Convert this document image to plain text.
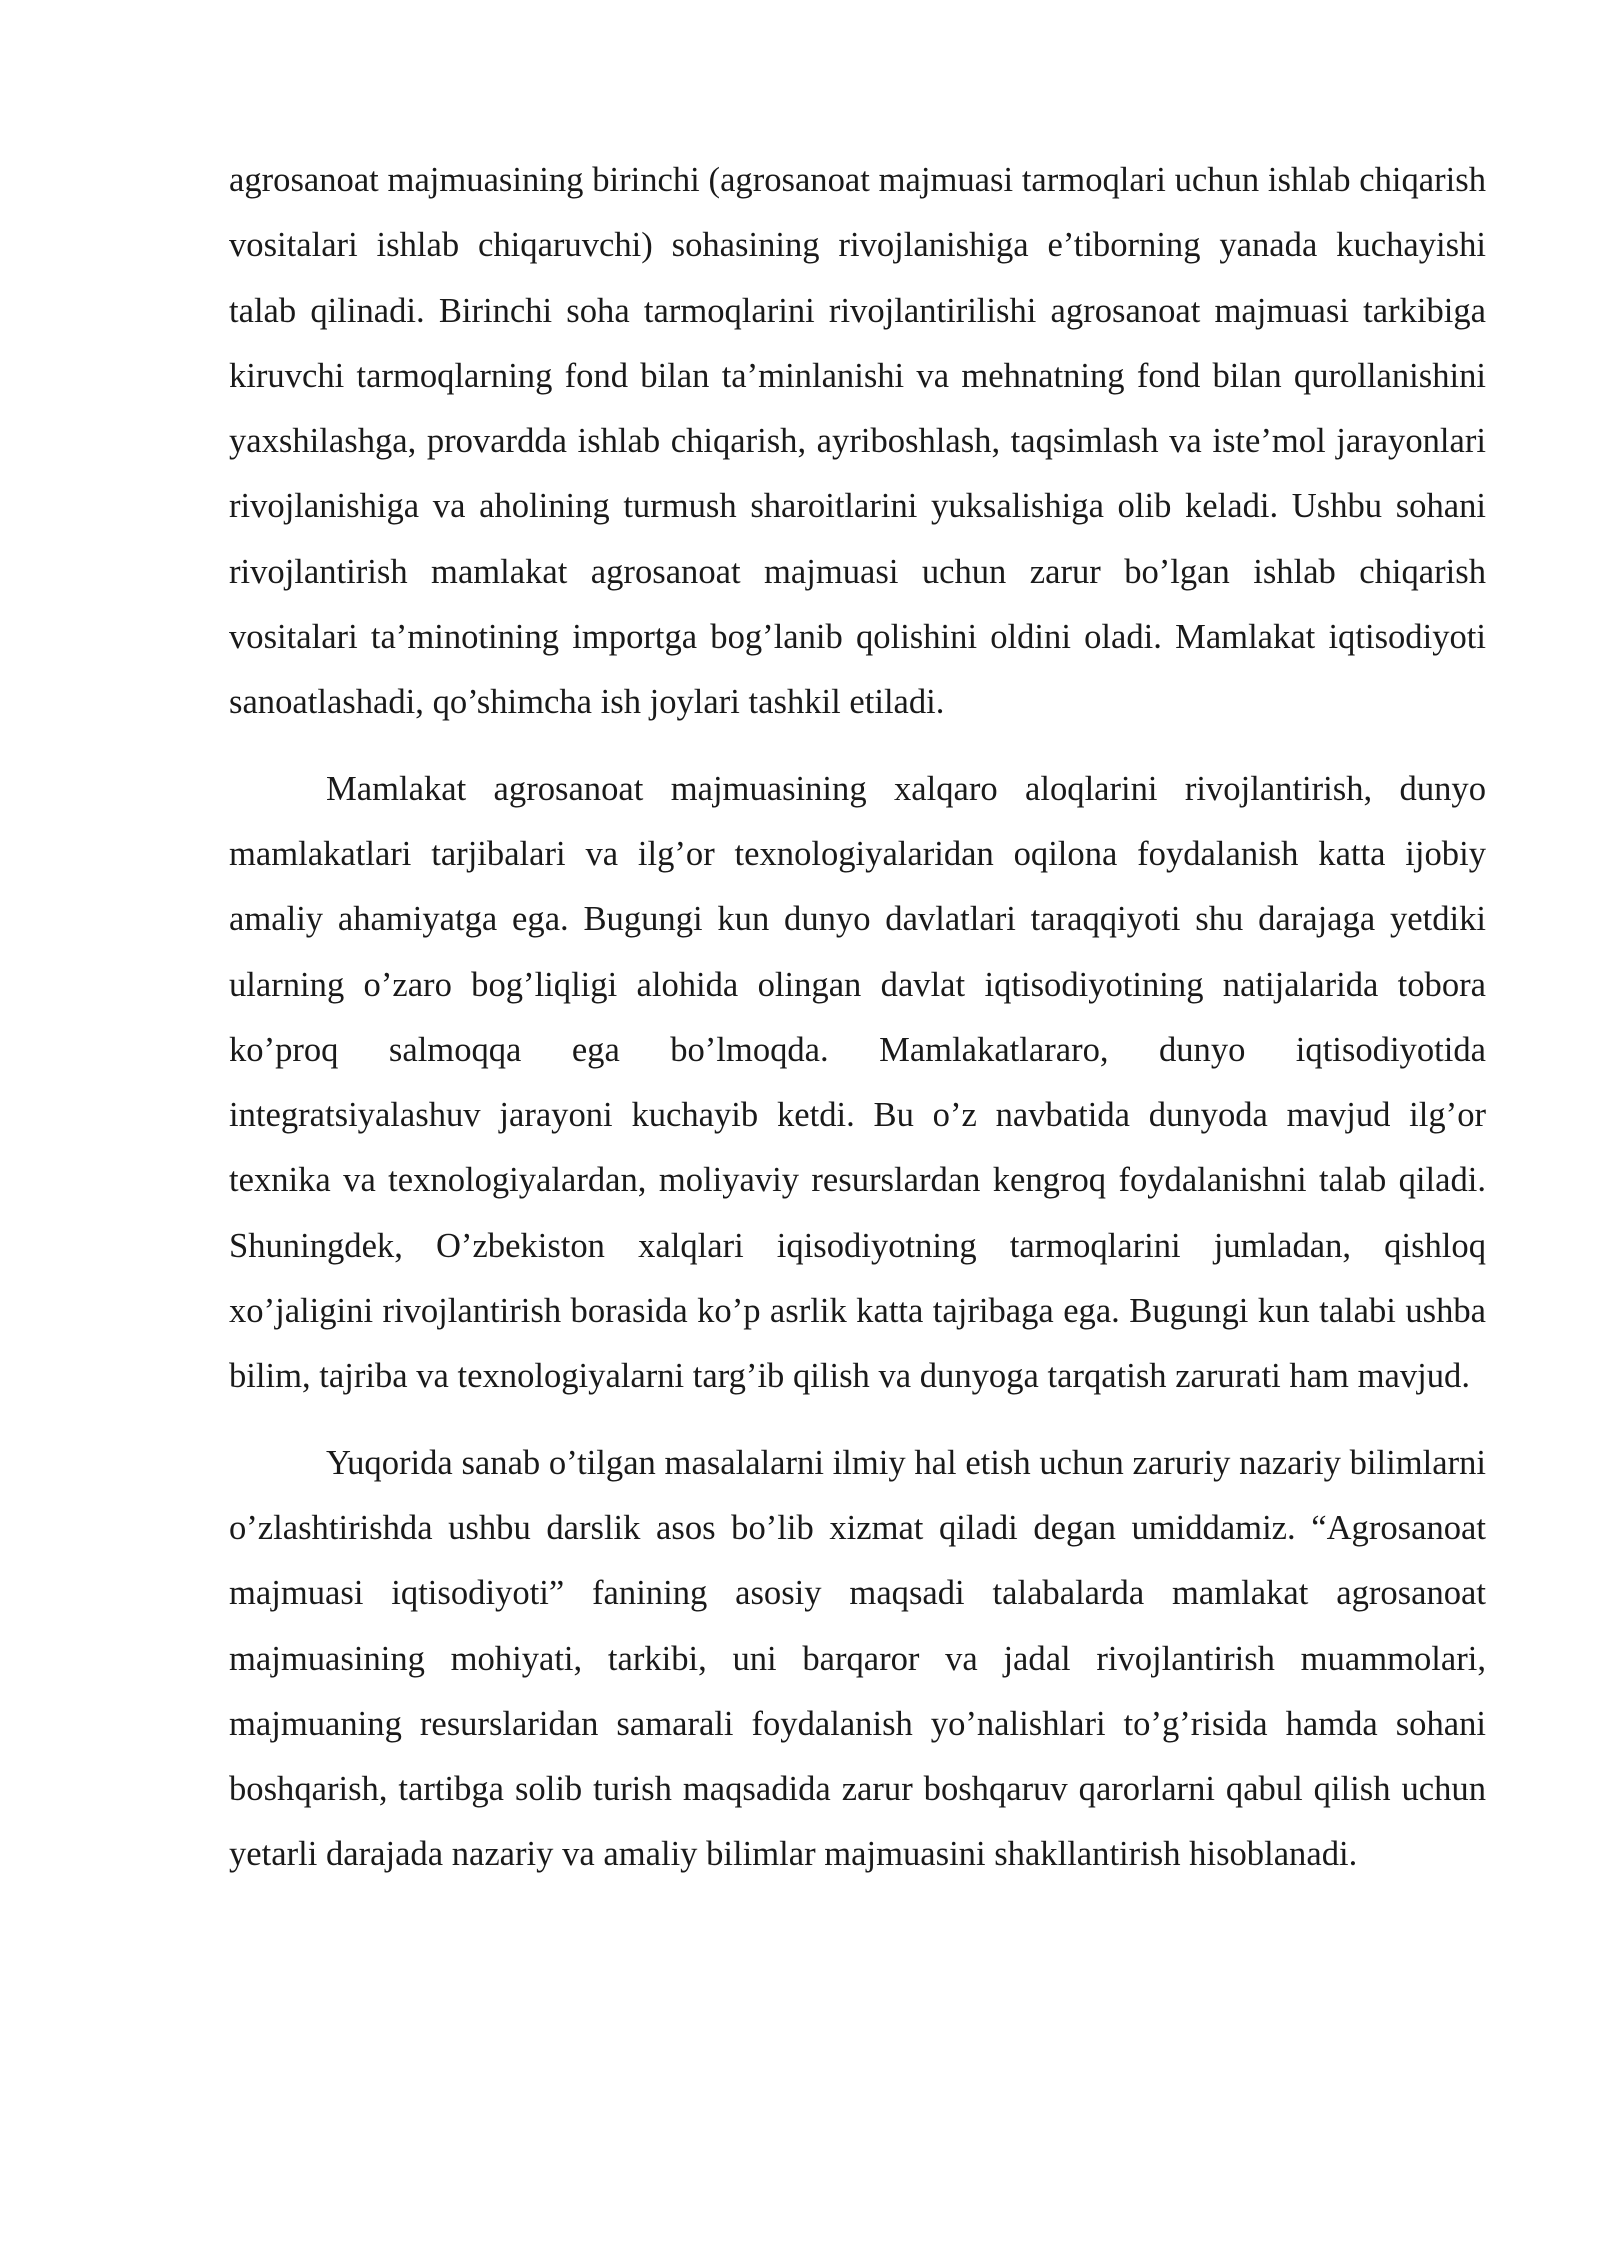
agrosanoat majmuasining birinchi (agrosanoat majmuasi tarmoqlari uchun ishlab chiqarish vositalari ishlab chiqaruvchi) sohasining rivojlanishiga e’tiborning yanada kuchayishi talab qilinadi. Birinchi soha tarmoqlarini rivojlantirilishi agrosanoat majmuasi tarkibiga kiruvchi tarmoqlarning fond bilan ta’minlanishi va mehnatning fond bilan qurollanishini yaxshilashga, provardda ishlab chiqarish, ayriboshlash, taqsimlash va iste’mol jarayonlari rivojlanishiga va aholining turmush sharoitlarini yuksalishiga olib keladi. Ushbu sohani rivojlantirish mamlakat agrosanoat majmuasi uchun zarur bo’lgan ishlab chiqarish vositalari ta’minotining importga bog’lanib qolishini oldini oladi. Mamlakat iqtisodiyoti sanoatlashadi, qo’shimcha ish joylari tashkil etiladi.

Mamlakat agrosanoat majmuasining xalqaro aloqlarini rivojlantirish, dunyo mamlakatlari tarjibalari va ilg’or texnologiyalaridan oqilona foydalanish katta ijobiy amaliy ahamiyatga ega. Bugungi kun dunyo davlatlari taraqqiyoti shu darajaga yetdiki ularning o’zaro bog’liqligi alohida olingan davlat iqtisodiyotining natijalarida tobora ko’proq salmoqqa ega bo’lmoqda. Mamlakatlararo, dunyo iqtisodiyotida integratsiyalashuv jarayoni kuchayib ketdi. Bu o’z navbatida dunyoda mavjud ilg’or texnika va texnologiyalardan, moliyaviy resurslardan kengroq foydalanishni talab qiladi. Shuningdek, O’zbekiston xalqlari iqisodiyotning tarmoqlarini jumladan, qishloq xo’jaligini rivojlantirish borasida ko’p asrlik katta tajribaga ega. Bugungi kun talabi ushbа bilim, tajriba va texnologiyalarni targ’ib qilish va dunyoga tarqatish zarurati ham mavjud.

Yuqorida sanab o’tilgan masalalarni ilmiy hal etish uchun zaruriy nazariy bilimlarni o’zlashtirishda ushbu darslik asos bo’lib xizmat qiladi degan umiddamiz. “Agrosanoat majmuasi iqtisodiyoti” fanining asosiy maqsadi talabalarda mamlakat agrosanoat majmuasining mohiyati, tarkibi, uni barqaror va jadal rivojlantirish muammolari, majmuaning resurslaridan samarali foydalanish yo’nalishlari to’g’risida hamda sohani boshqarish, tartibga solib turish maqsadida zarur boshqaruv qarorlarni qabul qilish uchun yetarli darajada nazariy va amaliy bilimlar majmuasini shakllantirish hisoblanadi.
